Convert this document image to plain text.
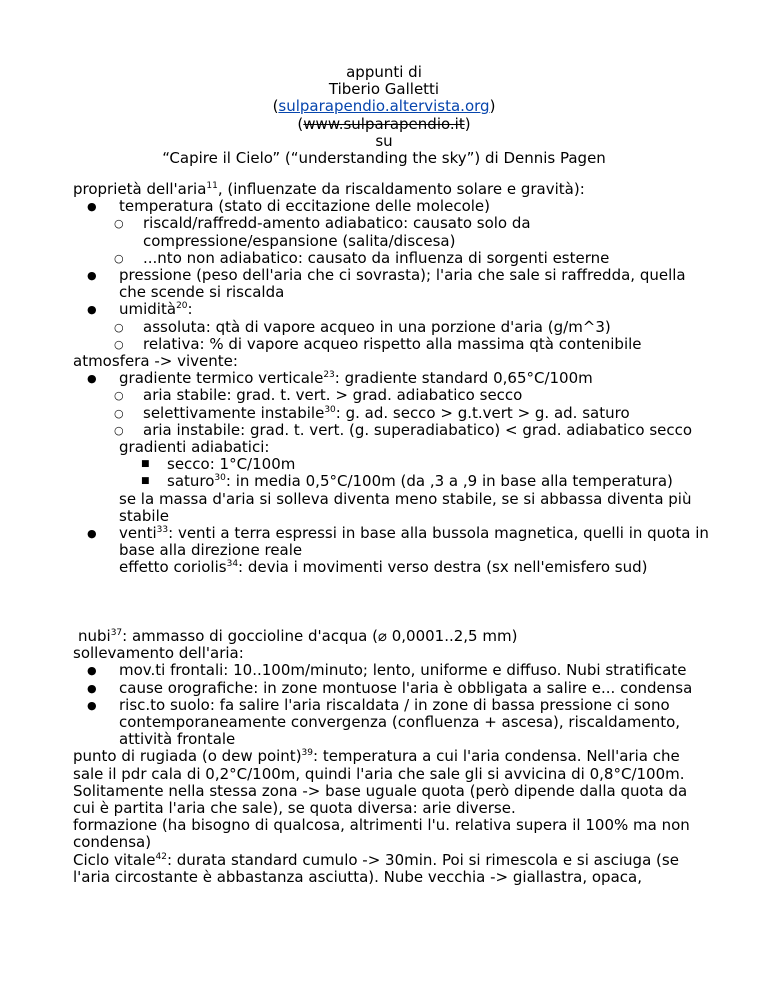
appunti di
Tiberio Galletti
(sulparapendio.altervista.org)
(www.sulparapendio.it)
su
“Capire il Cielo” (“understanding the sky”) di Dennis Pagen

proprietà dell'aria$^{11}$, (influenzate da riscaldamento solare e gravità):

● temperatura (stato di eccitazione delle molecole)
○ riscald/raffredd-amento adiabatico: causato solo da compressione/espansione (salita/discesa)
○ ...nto non adiabatico: causato da influenza di sorgenti esterne
● pressione (peso dell'aria che ci sovrasta); l'aria che sale si raffredda, quella che scende si riscalda
● umidità$^{20}$:
○ assoluta: qtà di vapore acqueo in una porzione d'aria (g/m^3)
○ relativa: % di vapore acqueo rispetto alla massima qtà contenibile

atmosfera -> vivente:

● gradiente termico verticale$^{23}$: gradiente standard 0,65°C/100m
○ aria stabile: grad. t. vert. > grad. adiabatico secco
○ selettivamente instabile$^{30}$: g. ad. secco > g.t.vert > g. ad. saturo
○ aria instabile: grad. t. vert. (g. superadiabatico) < grad. adiabatico secco
gradienti adiabatici:
■ secco: 1°C/100m
■ saturo$^{30}$: in media 0,5°C/100m (da ,3 a ,9 in base alla temperatura)
se la massa d'aria si solleva diventa meno stabile, se si abbassa diventa più stabile
● venti$^{33}$: venti a terra espressi in base alla bussola magnetica, quelli in quota in base alla direzione reale
effetto coriolis$^{34}$: devia i movimenti verso destra (sx nell'emisfero sud)

nubi$^{37}$: ammasso di goccioline d'acqua (⌀ 0,0001..2,5 mm)

sollevamento dell'aria:

● mov.ti frontali: 10..100m/minuto; lento, uniforme e diffuso. Nubi stratificate
● cause orografiche: in zone montuose l'aria è obbligata a salire e... condensa
● risc.to suolo: fa salire l'aria riscaldata / in zone di bassa pressione ci sono contemporaneamente convergenza (confluenza + ascesa), riscaldamento, attività frontale

punto di rugiada (o dew point)$^{39}$: temperatura a cui l'aria condensa. Nell'aria che sale il pdr cala di 0,2°C/100m, quindi l'aria che sale gli si avvicina di 0,8°C/100m. Solitamente nella stessa zona -> base uguale quota (però dipende dalla quota da cui è partita l'aria che sale), se quota diversa: arie diverse.

formazione (ha bisogno di qualcosa, altrimenti l'u. relativa supera il 100% ma non condensa)

Ciclo vitale$^{42}$: durata standard cumulo -> 30min. Poi si rimescola e si asciuga (se l'aria circostante è abbastanza asciutta). Nube vecchia -> giallastra, opaca,
